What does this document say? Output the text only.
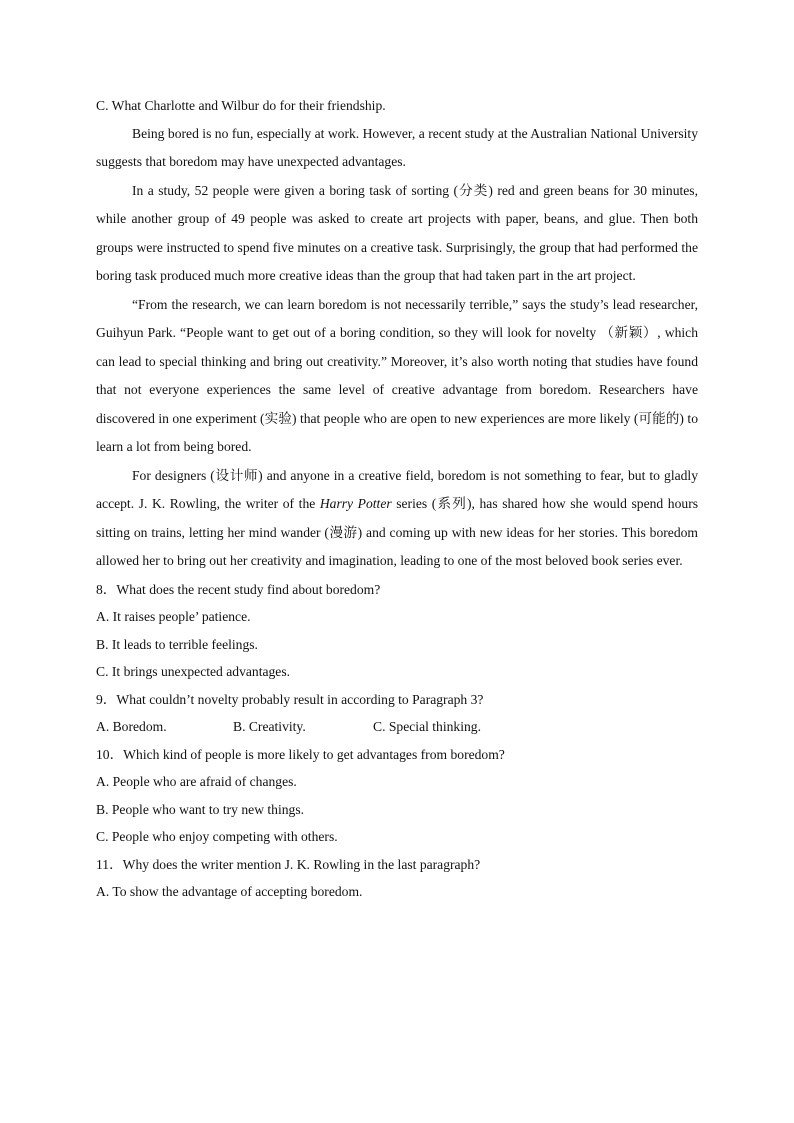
C. What Charlotte and Wilbur do for their friendship.

Being bored is no fun, especially at work. However, a recent study at the Australian National University suggests that boredom may have unexpected advantages.

In a study, 52 people were given a boring task of sorting (分类) red and green beans for 30 minutes, while another group of 49 people was asked to create art projects with paper, beans, and glue. Then both groups were instructed to spend five minutes on a creative task. Surprisingly, the group that had performed the boring task produced much more creative ideas than the group that had taken part in the art project.

“From the research, we can learn boredom is not necessarily terrible,” says the study’s lead researcher, Guihyun Park. “People want to get out of a boring condition, so they will look for novelty （新颖）, which can lead to special thinking and bring out creativity.” Moreover, it’s also worth noting that studies have found that not everyone experiences the same level of creative advantage from boredom. Researchers have discovered in one experiment (实验) that people who are open to new experiences are more likely (可能的) to learn a lot from being bored.

For designers (设计师) and anyone in a creative field, boredom is not something to fear, but to gladly accept. J. K. Rowling, the writer of the Harry Potter series (系列), has shared how she would spend hours sitting on trains, letting her mind wander (漫游) and coming up with new ideas for her stories. This boredom allowed her to bring out her creativity and imagination, leading to one of the most beloved book series ever.

8．What does the recent study find about boredom?

A. It raises people’ patience.

B. It leads to terrible feelings.

C. It brings unexpected advantages.

9．What couldn’t novelty probably result in according to Paragraph 3?

A. Boredom.	B. Creativity.	C. Special thinking.

10．Which kind of people is more likely to get advantages from boredom?

A. People who are afraid of changes.

B. People who want to try new things.

C. People who enjoy competing with others.

11．Why does the writer mention J. K. Rowling in the last paragraph?

A. To show the advantage of accepting boredom.
